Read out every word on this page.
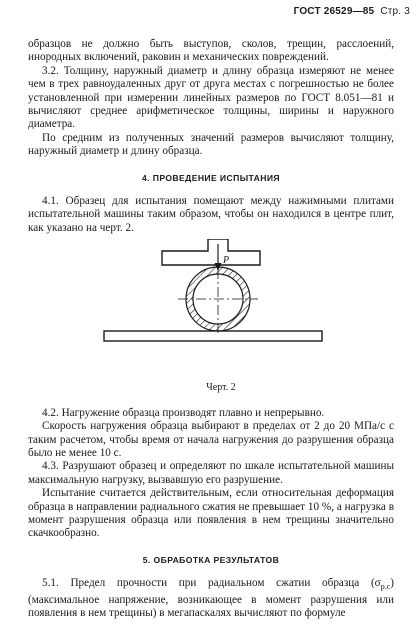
ГОСТ 26529—85 Стр. 3

образцов не должно быть выступов, сколов, трещин, расслоений, инородных включений, раковин и механических повреждений.

3.2. Толщину, наружный диаметр и длину образца измеряют не менее чем в трех равноудаленных друг от друга местах с погрешностью не более установленной при измерении линейных размеров по ГОСТ 8.051—81 и вычисляют среднее арифметическое толщины, ширины и наружного диаметра.

По средним из полученных значений размеров вычисляют толщину, наружный диаметр и длину образца.

4. ПРОВЕДЕНИЕ ИСПЫТАНИЯ

4.1. Образец для испытания помещают между нажимными плитами испытательной машины таким образом, чтобы он находился в центре плит, как указано на черт. 2.

P
Черт. 2

4.2. Нагружение образца производят плавно и непрерывно.

Скорость нагружения образца выбирают в пределах от 2 до 20 МПа/с с таким расчетом, чтобы время от начала нагружения до разрушения образца было не менее 10 с.

4.3. Разрушают образец и определяют по шкале испытательной машины максимальную нагрузку, вызвавшую его разрушение.

Испытание считается действительным, если относительная деформация образца в направлении радиального сжатия не превышает 10 %, а нагрузка в момент разрушения образца или появления в нем трещины значительно скачкообразно.

5. ОБРАБОТКА РЕЗУЛЬТАТОВ

5.1. Предел прочности при радиальном сжатии образца $(\sigma_{р.с})$ (максимальное напряжение, возникающее в момент разрушения или появления в нем трещины) в мегапаскалях вычисляют по формуле
